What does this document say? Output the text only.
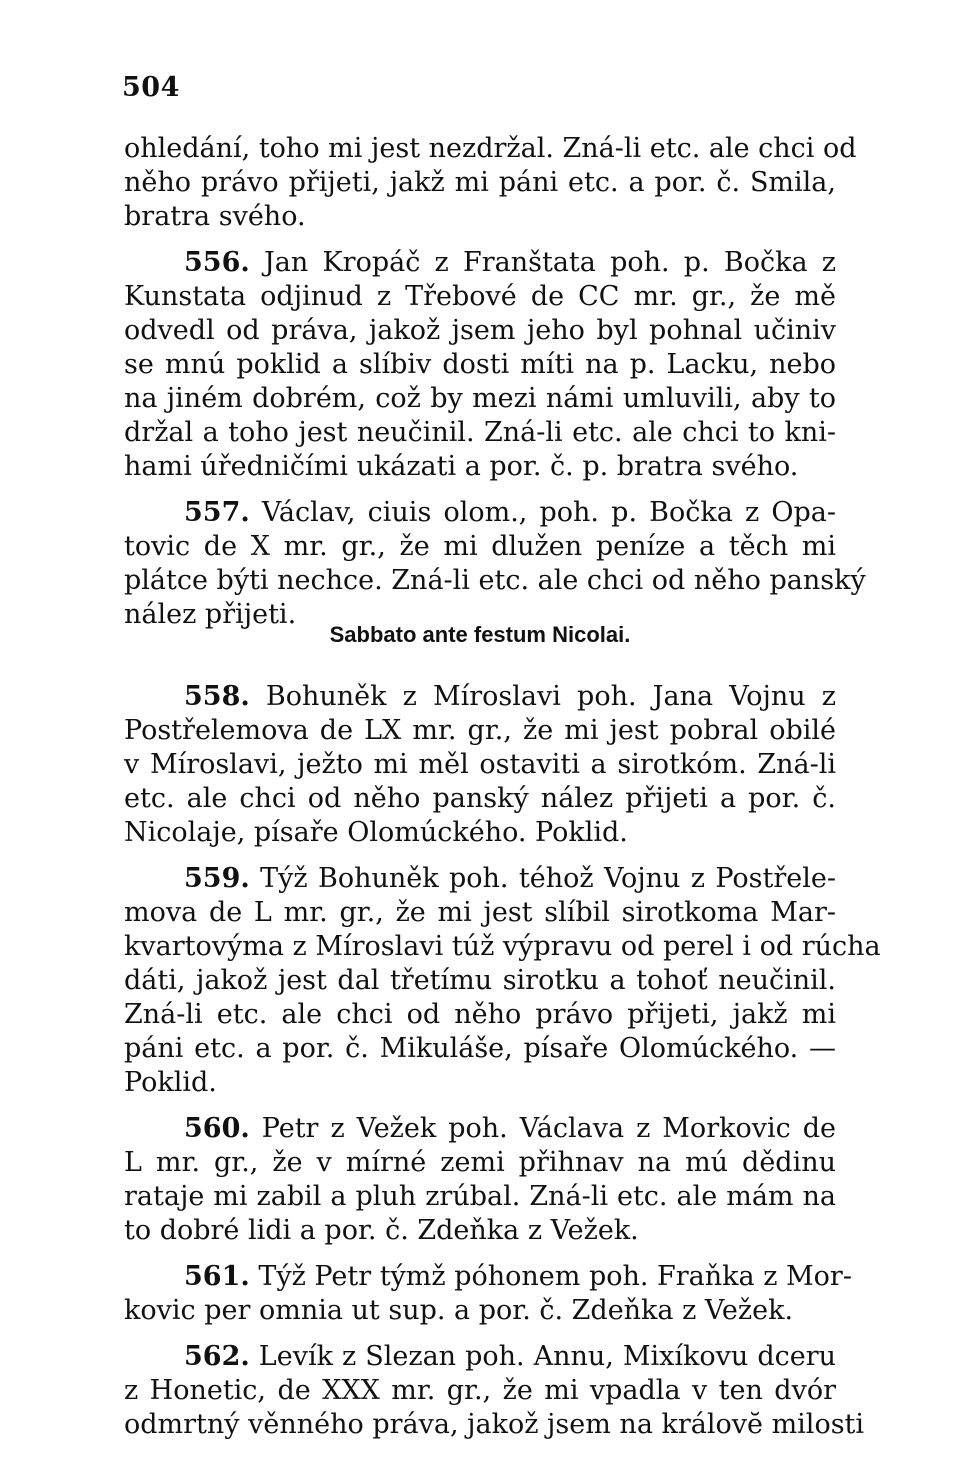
504
Sabbato ante festum Nicolai.
ohledání, toho mi jest nezdržal. Zná-li etc. ale chci od
něho právo přijeti, jakž mi páni etc. a por. č. Smila,
bratra svého.
556. Jan Kropáč z Franštata poh. p. Bočka z
Kunstata odjinud z Třebové de CC mr. gr., že mě
odvedl od práva, jakož jsem jeho byl pohnal učiniv
se mnú poklid a slíbiv dosti míti na p. Lacku, nebo
na jiném dobrém, což by mezi námi umluvili, aby to
držal a toho jest neučinil. Zná-li etc. ale chci to kni-
hami úředničími ukázati a por. č. p. bratra svého.
557. Václav, ciuis olom., poh. p. Bočka z Opa-
tovic de X mr. gr., že mi dlužen peníze a těch mi
plátce býti nechce. Zná-li etc. ale chci od něho panský
nález přijeti.
558. Bohuněk z Míroslavi poh. Jana Vojnu z
Postřelemova de LX mr. gr., že mi jest pobral obilé
v Míroslavi, ježto mi měl ostaviti a sirotkóm. Zná-li
etc. ale chci od něho panský nález přijeti a por. č.
Nicolaje, písaře Olomúckého. Poklid.
559. Týž Bohuněk poh. téhož Vojnu z Postřele-
mova de L mr. gr., že mi jest slíbil sirotkoma Mar-
kvartovýma z Míroslavi túž výpravu od perel i od rúcha
dáti, jakož jest dal třetímu sirotku a tohoť neučinil.
Zná-li etc. ale chci od něho právo přijeti, jakž mi
páni etc. a por. č. Mikuláše, písaře Olomúckého. —
Poklid.
560. Petr z Vežek poh. Václava z Morkovic de
L mr. gr., že v mírné zemi přihnav na mú dědinu
rataje mi zabil a pluh zrúbal. Zná-li etc. ale mám na
to dobré lidi a por. č. Zdeňka z Vežek.
561. Týž Petr týmž póhonem poh. Fraňka z Mor-
kovic per omnia ut sup. a por. č. Zdeňka z Vežek.
562. Levík z Slezan poh. Annu, Mixíkovu dceru
z Honetic, de XXX mr. gr., že mi vpadla v ten dvór
odmrtný věnného práva, jakož jsem na královĕ milosti
